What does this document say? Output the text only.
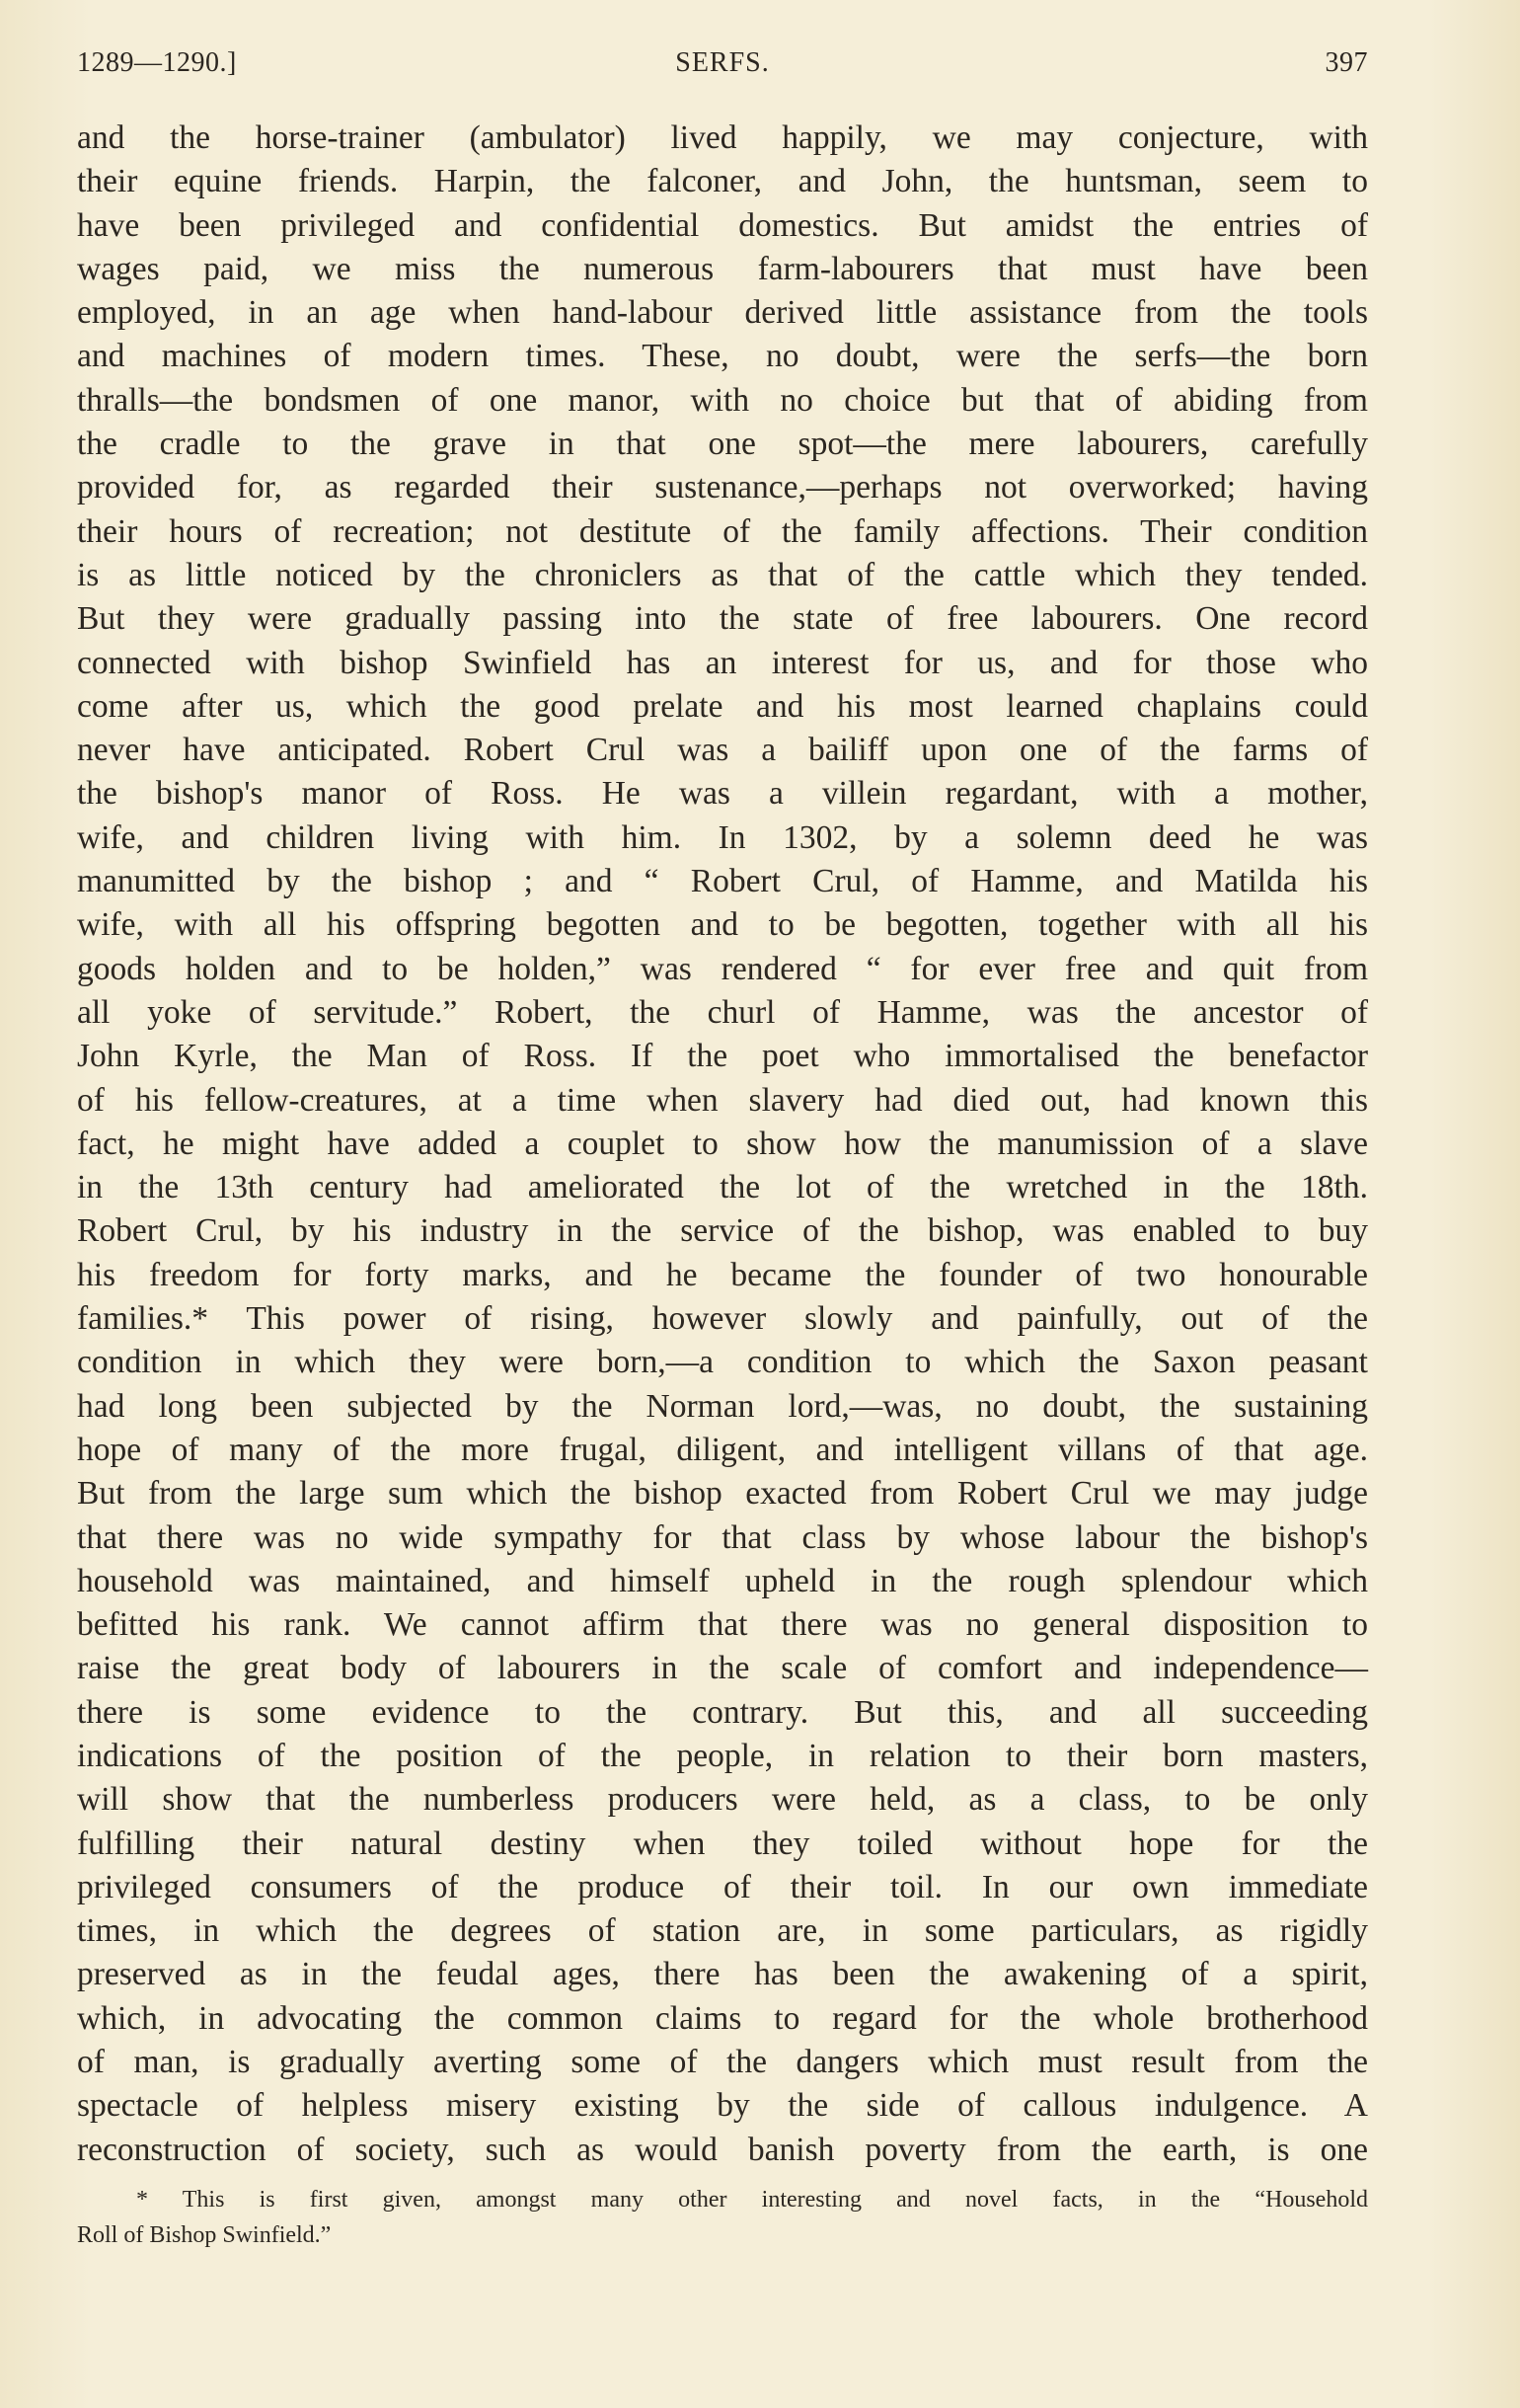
1289—1290.]	SERFS.	397
and the horse-trainer (ambulator) lived happily, we may conjecture, with
their equine friends. Harpin, the falconer, and John, the huntsman, seem to
have been privileged and confidential domestics. But amidst the entries of
wages paid, we miss the numerous farm-labourers that must have been
employed, in an age when hand-labour derived little assistance from the tools
and machines of modern times. These, no doubt, were the serfs—the born
thralls—the bondsmen of one manor, with no choice but that of abiding from
the cradle to the grave in that one spot—the mere labourers, carefully
provided for, as regarded their sustenance,—perhaps not overworked; having
their hours of recreation; not destitute of the family affections. Their condition
is as little noticed by the chroniclers as that of the cattle which they tended.
But they were gradually passing into the state of free labourers. One record
connected with bishop Swinfield has an interest for us, and for those who
come after us, which the good prelate and his most learned chaplains could
never have anticipated. Robert Crul was a bailiff upon one of the farms of
the bishop's manor of Ross. He was a villein regardant, with a mother,
wife, and children living with him. In 1302, by a solemn deed he was
manumitted by the bishop ; and “ Robert Crul, of Hamme, and Matilda his
wife, with all his offspring begotten and to be begotten, together with all his
goods holden and to be holden,” was rendered “ for ever free and quit from
all yoke of servitude.” Robert, the churl of Hamme, was the ancestor of
John Kyrle, the Man of Ross. If the poet who immortalised the benefactor
of his fellow-creatures, at a time when slavery had died out, had known this
fact, he might have added a couplet to show how the manumission of a slave
in the 13th century had ameliorated the lot of the wretched in the 18th.
Robert Crul, by his industry in the service of the bishop, was enabled to buy
his freedom for forty marks, and he became the founder of two honourable
families.* This power of rising, however slowly and painfully, out of the
condition in which they were born,—a condition to which the Saxon peasant
had long been subjected by the Norman lord,—was, no doubt, the sustaining
hope of many of the more frugal, diligent, and intelligent villans of that age.
But from the large sum which the bishop exacted from Robert Crul we may judge
that there was no wide sympathy for that class by whose labour the bishop's
household was maintained, and himself upheld in the rough splendour which
befitted his rank. We cannot affirm that there was no general disposition to
raise the great body of labourers in the scale of comfort and independence—
there is some evidence to the contrary. But this, and all succeeding
indications of the position of the people, in relation to their born masters,
will show that the numberless producers were held, as a class, to be only
fulfilling their natural destiny when they toiled without hope for the
privileged consumers of the produce of their toil. In our own immediate
times, in which the degrees of station are, in some particulars, as rigidly
preserved as in the feudal ages, there has been the awakening of a spirit,
which, in advocating the common claims to regard for the whole brotherhood
of man, is gradually averting some of the dangers which must result from the
spectacle of helpless misery existing by the side of callous indulgence. A
reconstruction of society, such as would banish poverty from the earth, is one
* This is first given, amongst many other interesting and novel facts, in the “Household
Roll of Bishop Swinfield.”
